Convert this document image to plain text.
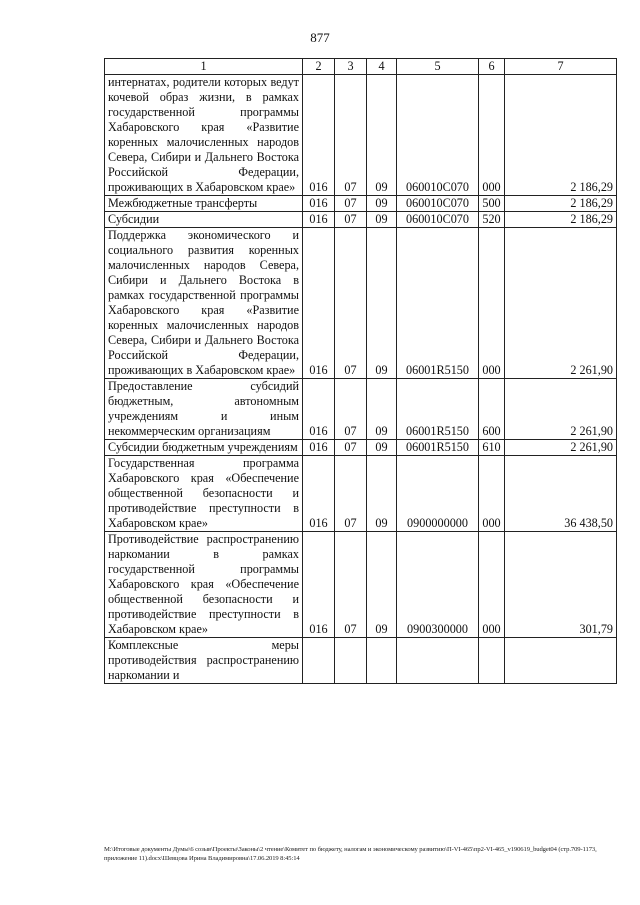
877
1	2	3	4	5	6	7
интернатах, родители которых ведут кочевой образ жизни, в рамках государственной программы Хабаровского края «Развитие коренных малочисленных народов Севера, Сибири и Дальнего Востока Российской Федерации, проживающих в Хабаровском крае»	016	07	09	060010С070	000	2 186,29
Межбюджетные трансферты	016	07	09	060010С070	500	2 186,29
Субсидии	016	07	09	060010С070	520	2 186,29
Поддержка экономического и социального развития коренных малочисленных народов Севера, Сибири и Дальнего Востока в рамках государственной программы Хабаровского края «Развитие коренных малочисленных народов Севера, Сибири и Дальнего Востока Российской Федерации, проживающих в Хабаровском крае»	016	07	09	06001R5150	000	2 261,90
Предоставление субсидий бюджетным, автономным учреждениям и иным некоммерческим организациям	016	07	09	06001R5150	600	2 261,90
Субсидии бюджетным учреждениям	016	07	09	06001R5150	610	2 261,90
Государственная программа Хабаровского края «Обеспечение общественной безопасности и противодействие преступности в Хабаровском крае»	016	07	09	0900000000	000	36 438,50
Противодействие распространению наркомании в рамках государственной программы Хабаровского края «Обеспечение общественной безопасности и противодействие преступности в Хабаровском крае»	016	07	09	0900300000	000	301,79
Комплексные меры противодействия распространению наркомании и						
M:\Итоговые документы Думы\6 созыв\Проекты\Законы\2 чтение\Комитет по бюджету, налогам и экономическому развитию\П-VI-465\пр2-VI-465_v190619_budget04 (стр.709-1173, приложение 11).docx\Шевцова Ирина Владимировна\17.06.2019 8:45:14
